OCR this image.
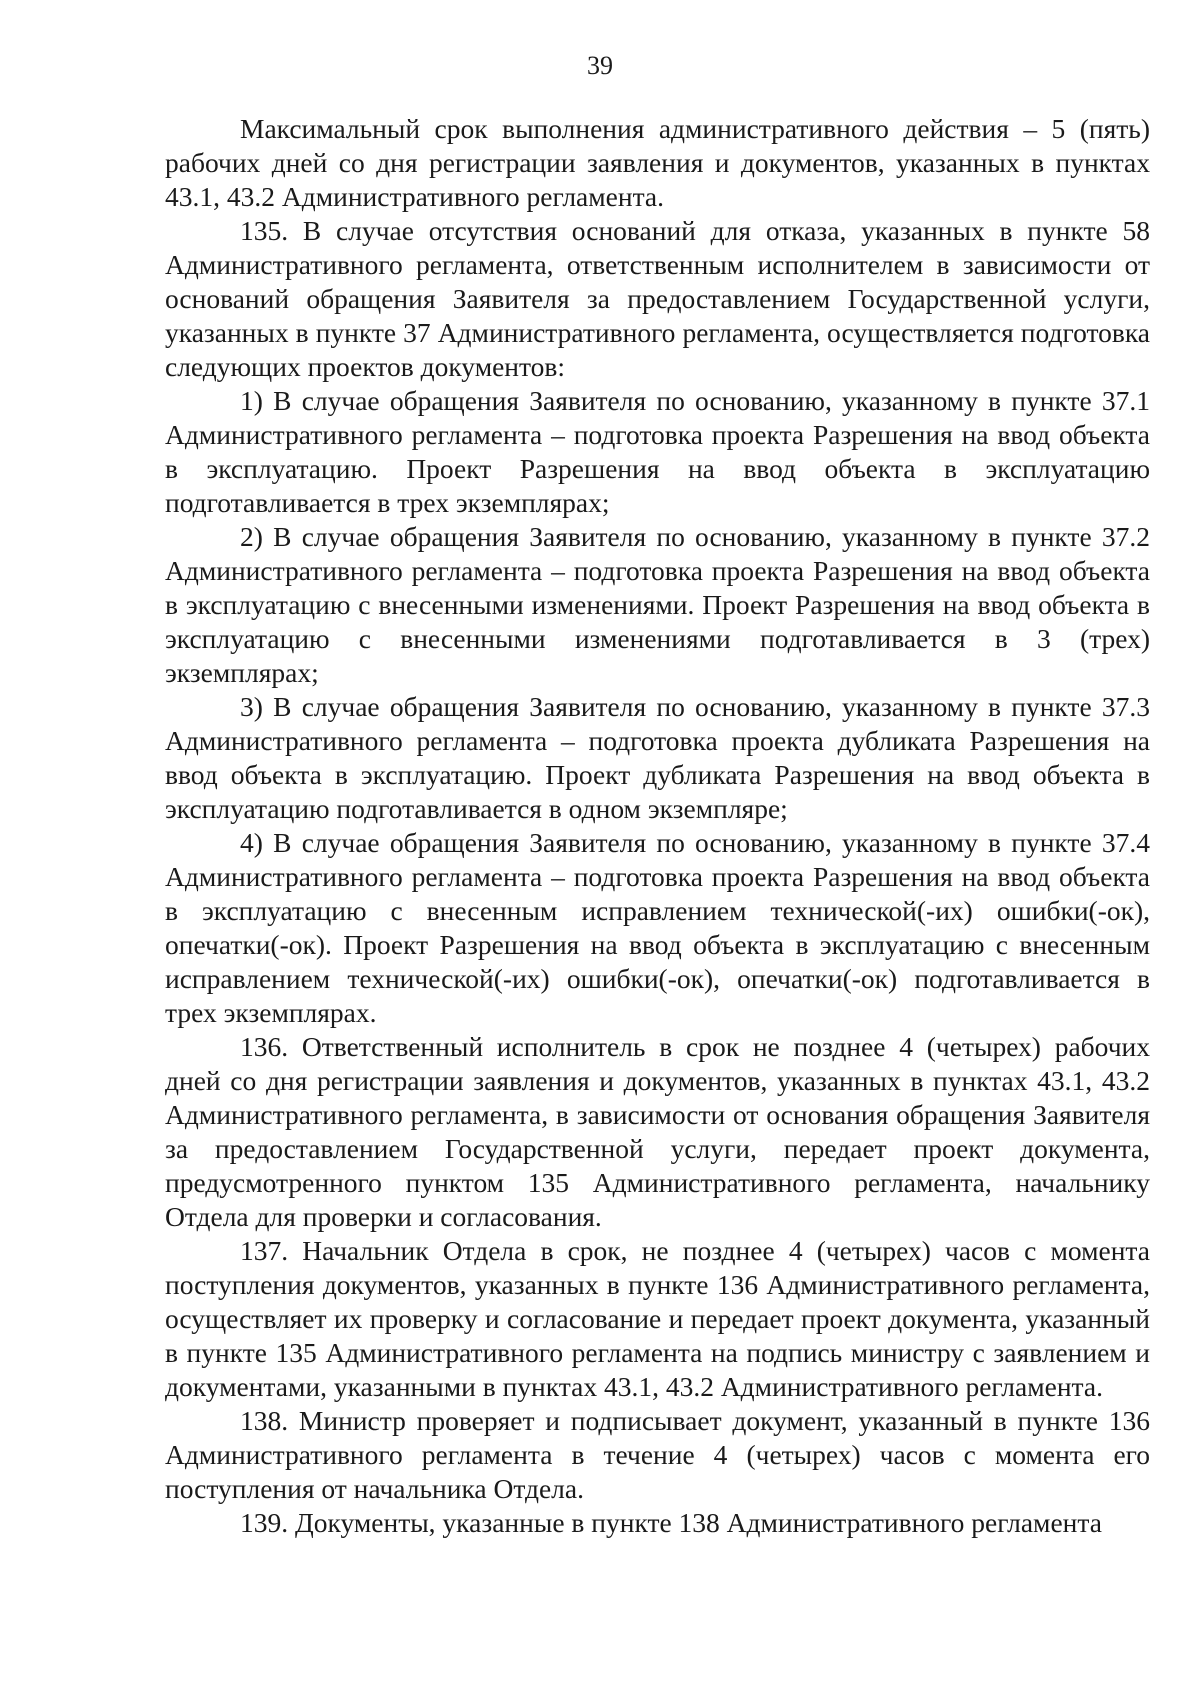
39

Максимальный срок выполнения административного действия – 5 (пять) рабочих дней со дня регистрации заявления и документов, указанных в пунктах 43.1, 43.2 Административного регламента.

135. В случае отсутствия оснований для отказа, указанных в пункте 58 Административного регламента, ответственным исполнителем в зависимости от оснований обращения Заявителя за предоставлением Государственной услуги, указанных в пункте 37 Административного регламента, осуществляется подготовка следующих проектов документов:

1) В случае обращения Заявителя по основанию, указанному в пункте 37.1 Административного регламента – подготовка проекта Разрешения на ввод объекта в эксплуатацию. Проект Разрешения на ввод объекта в эксплуатацию подготавливается в трех экземплярах;

2) В случае обращения Заявителя по основанию, указанному в пункте 37.2 Административного регламента – подготовка проекта Разрешения на ввод объекта в эксплуатацию с внесенными изменениями. Проект Разрешения на ввод объекта в эксплуатацию с внесенными изменениями подготавливается в 3 (трех) экземплярах;

3) В случае обращения Заявителя по основанию, указанному в пункте 37.3 Административного регламента – подготовка проекта дубликата Разрешения на ввод объекта в эксплуатацию. Проект дубликата Разрешения на ввод объекта в эксплуатацию подготавливается в одном экземпляре;

4) В случае обращения Заявителя по основанию, указанному в пункте 37.4 Административного регламента – подготовка проекта Разрешения на ввод объекта в эксплуатацию с внесенным исправлением технической(-их) ошибки(-ок), опечатки(-ок). Проект Разрешения на ввод объекта в эксплуатацию с внесенным исправлением технической(-их) ошибки(-ок), опечатки(-ок) подготавливается в трех экземплярах.

136. Ответственный исполнитель в срок не позднее 4 (четырех) рабочих дней со дня регистрации заявления и документов, указанных в пунктах 43.1, 43.2 Административного регламента, в зависимости от основания обращения Заявителя за предоставлением Государственной услуги, передает проект документа, предусмотренного пунктом 135 Административного регламента, начальнику Отдела для проверки и согласования.

137. Начальник Отдела в срок, не позднее 4 (четырех) часов с момента поступления документов, указанных в пункте 136 Административного регламента, осуществляет их проверку и согласование и передает проект документа, указанный в пункте 135 Административного регламента на подпись министру с заявлением и документами, указанными в пунктах 43.1, 43.2 Административного регламента.

138. Министр проверяет и подписывает документ, указанный в пункте 136 Административного регламента в течение 4 (четырех) часов с момента его поступления от начальника Отдела.

139. Документы, указанные в пункте 138 Административного регламента
